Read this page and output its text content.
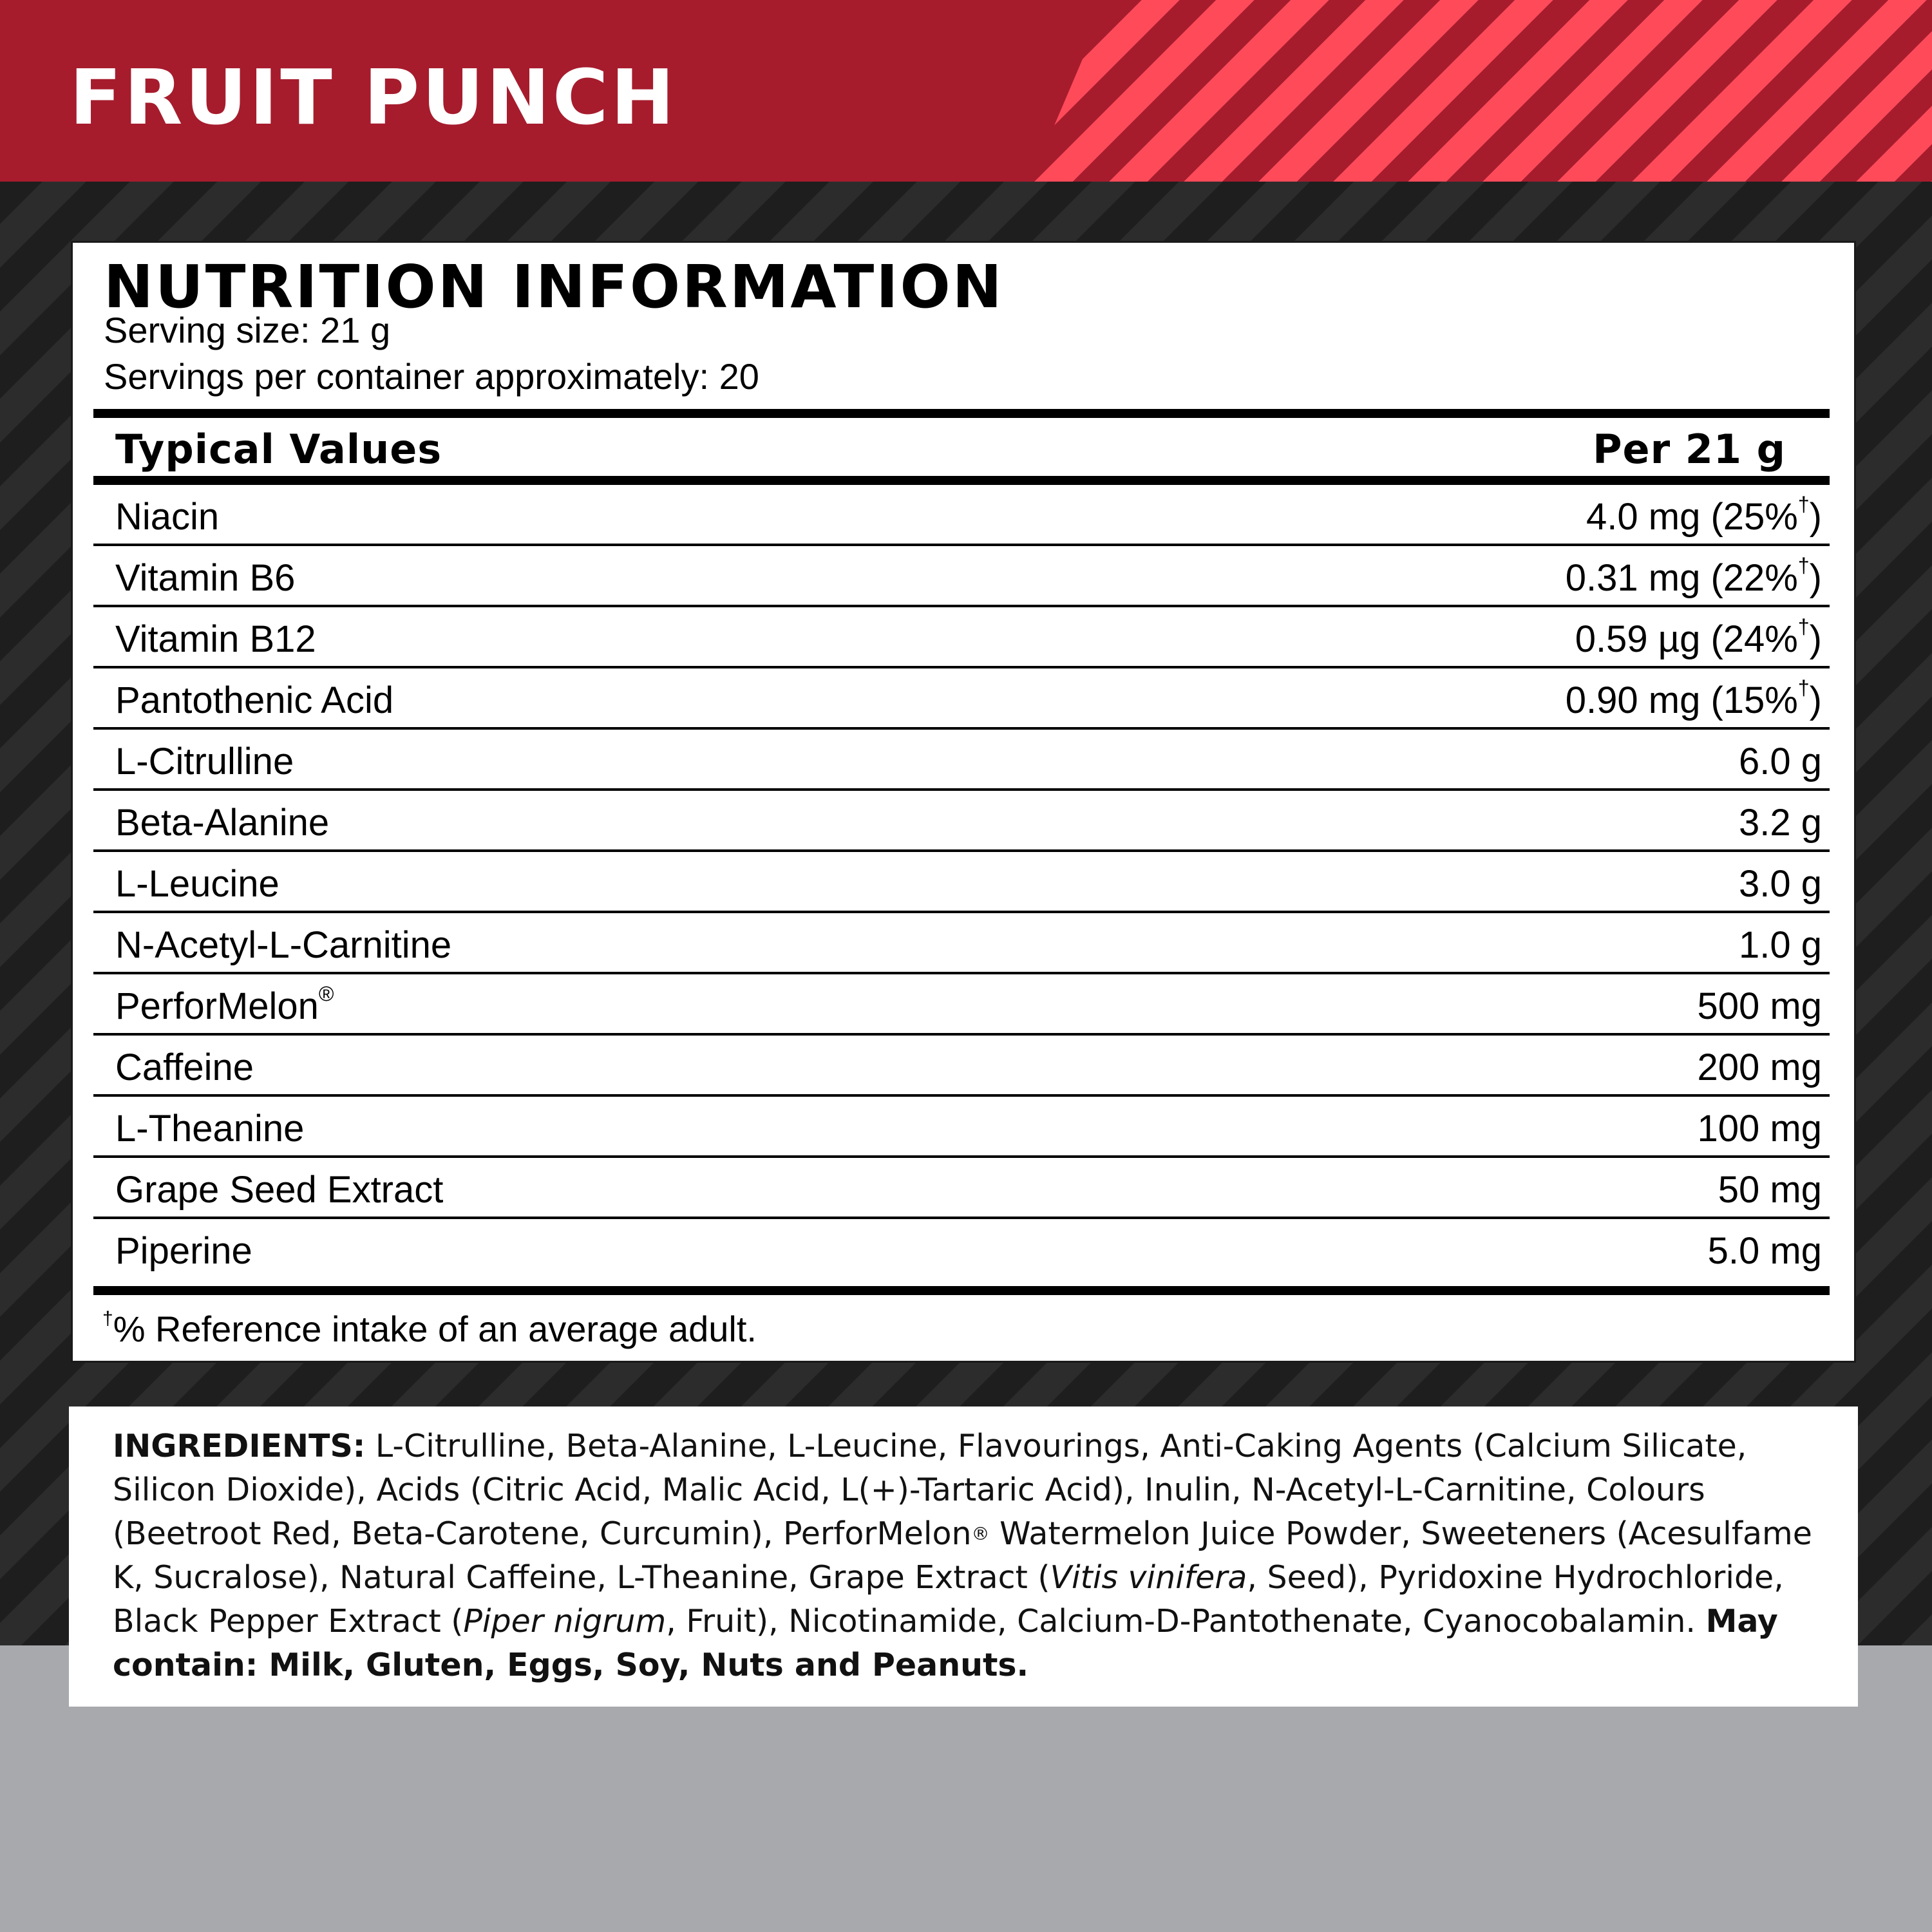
FRUIT PUNCH
NUTRITION INFORMATION
Serving size: 21 g
Servings per container approximately: 20
Typical Values	Per 21 g
Niacin	4.0 mg (25%†)
Vitamin B6	0.31 mg (22%†)
Vitamin B12	0.59 µg (24%†)
Pantothenic Acid	0.90 mg (15%†)
L-Citrulline	6.0 g
Beta-Alanine	3.2 g
L-Leucine	3.0 g
N-Acetyl-L-Carnitine	1.0 g
PerforMelon®	500 mg
Caffeine	200 mg
L-Theanine	100 mg
Grape Seed Extract	50 mg
Piperine	5.0 mg
†% Reference intake of an average adult.
INGREDIENTS: L-Citrulline, Beta-Alanine, L-Leucine, Flavourings, Anti-Caking Agents (Calcium Silicate, Silicon Dioxide), Acids (Citric Acid, Malic Acid, L(+)-Tartaric Acid), Inulin, N-Acetyl-L-Carnitine, Colours (Beetroot Red, Beta-Carotene, Curcumin), PerforMelon® Watermelon Juice Powder, Sweeteners (Acesulfame K, Sucralose), Natural Caffeine, L-Theanine, Grape Extract (Vitis vinifera, Seed), Pyridoxine Hydrochloride, Black Pepper Extract (Piper nigrum, Fruit), Nicotinamide, Calcium-D-Pantothenate, Cyanocobalamin. May contain: Milk, Gluten, Eggs, Soy, Nuts and Peanuts.
